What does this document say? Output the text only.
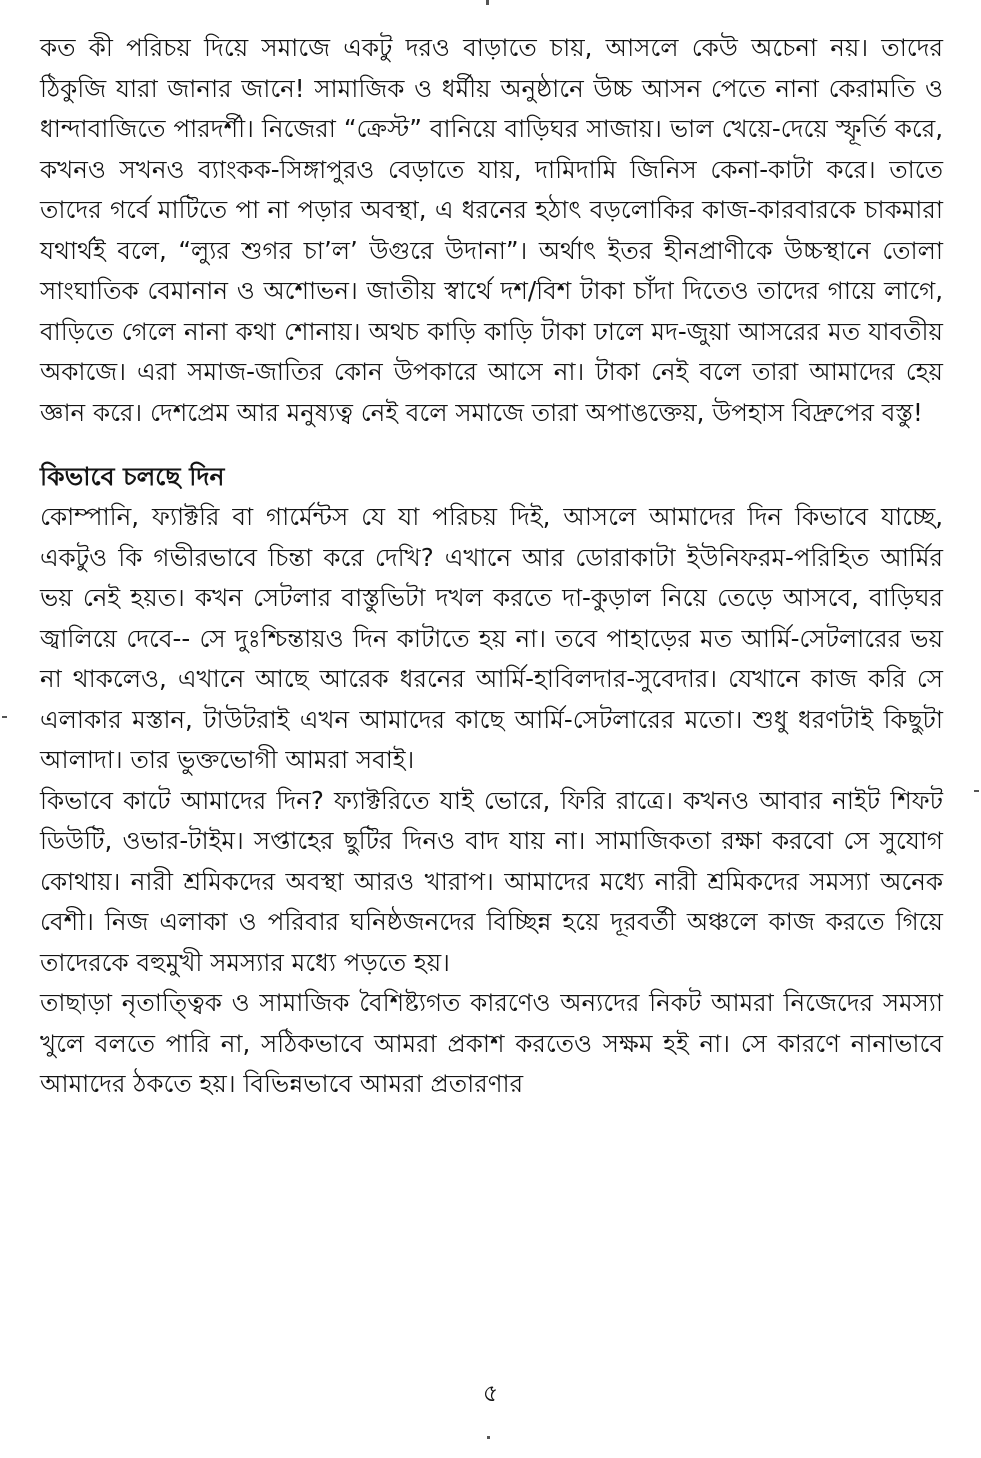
কত কী পরিচয় দিয়ে সমাজে একটু দরও বাড়াতে চায়, আসলে কেউ অচেনা নয়। তাদের ঠিকুজি যারা জানার জানে! সামাজিক ও ধর্মীয় অনুষ্ঠানে উচ্চ আসন পেতে নানা কেরামতি ও ধান্দাবাজিতে পারদর্শী। নিজেরা “ক্রেস্ট” বানিয়ে বাড়িঘর সাজায়। ভাল খেয়ে-দেয়ে স্ফূর্তি করে, কখনও সখনও ব্যাংকক-সিঙ্গাপুরও বেড়াতে যায়, দামিদামি জিনিস কেনা-কাটা করে। তাতে তাদের গর্বে মাটিতে পা না পড়ার অবস্থা, এ ধরনের হঠাৎ বড়লোকির কাজ-কারবারকে চাকমারা যথার্থই বলে, “ল্যুর শুগর চা’ল’ উগুরে উদানা”। অর্থাৎ ইতর হীনপ্রাণীকে উচ্চস্থানে তোলা সাংঘাতিক বেমানান ও অশোভন। জাতীয় স্বার্থে দশ/বিশ টাকা চাঁদা দিতেও তাদের গায়ে লাগে, বাড়িতে গেলে নানা কথা শোনায়। অথচ কাড়ি কাড়ি টাকা ঢালে মদ-জুয়া আসরের মত যাবতীয় অকাজে। এরা সমাজ-জাতির কোন উপকারে আসে না। টাকা নেই বলে তারা আমাদের হেয় জ্ঞান করে। দেশপ্রেম আর মনুষ্যত্ব নেই বলে সমাজে তারা অপাঙক্তেয়, উপহাস বিদ্রুপের বস্তু!

কিভাবে চলছে দিন

কোম্পানি, ফ্যাক্টরি বা গার্মেন্টস যে যা পরিচয় দিই, আসলে আমাদের দিন কিভাবে যাচ্ছে, একটুও কি গভীরভাবে চিন্তা করে দেখি? এখানে আর ডোরাকাটা ইউনিফরম-পরিহিত আর্মির ভয় নেই হয়ত। কখন সেটলার বাস্তুভিটা দখল করতে দা-কুড়াল নিয়ে তেড়ে আসবে, বাড়িঘর জ্বালিয়ে দেবে-- সে দুঃশ্চিন্তায়ও দিন কাটাতে হয় না। তবে পাহাড়ের মত আর্মি-সেটলারের ভয় না থাকলেও, এখানে আছে আরেক ধরনের আর্মি-হাবিলদার-সুবেদার। যেখানে কাজ করি সে এলাকার মস্তান, টাউটরাই এখন আমাদের কাছে আর্মি-সেটলারের মতো। শুধু ধরণটাই কিছুটা আলাদা। তার ভুক্তভোগী আমরা সবাই।

কিভাবে কাটে আমাদের দিন? ফ্যাক্টরিতে যাই ভোরে, ফিরি রাত্রে। কখনও আবার নাইট শিফট ডিউটি, ওভার-টাইম। সপ্তাহের ছুটির দিনও বাদ যায় না। সামাজিকতা রক্ষা করবো সে সুযোগ কোথায়। নারী শ্রমিকদের অবস্থা আরও খারাপ। আমাদের মধ্যে নারী শ্রমিকদের সমস্যা অনেক বেশী। নিজ এলাকা ও পরিবার ঘনিষ্ঠজনদের বিচ্ছিন্ন হয়ে দূরবর্তী অঞ্চলে কাজ করতে গিয়ে তাদেরকে বহুমুখী সমস্যার মধ্যে পড়তে হয়।

তাছাড়া নৃতাত্ত্বিক ও সামাজিক বৈশিষ্ট্যগত কারণেও অন্যদের নিকট আমরা নিজেদের সমস্যা খুলে বলতে পারি না, সঠিকভাবে আমরা প্রকাশ করতেও সক্ষম হই না। সে কারণে নানাভাবে আমাদের ঠকতে হয়। বিভিন্নভাবে আমরা প্রতারণার

৫
